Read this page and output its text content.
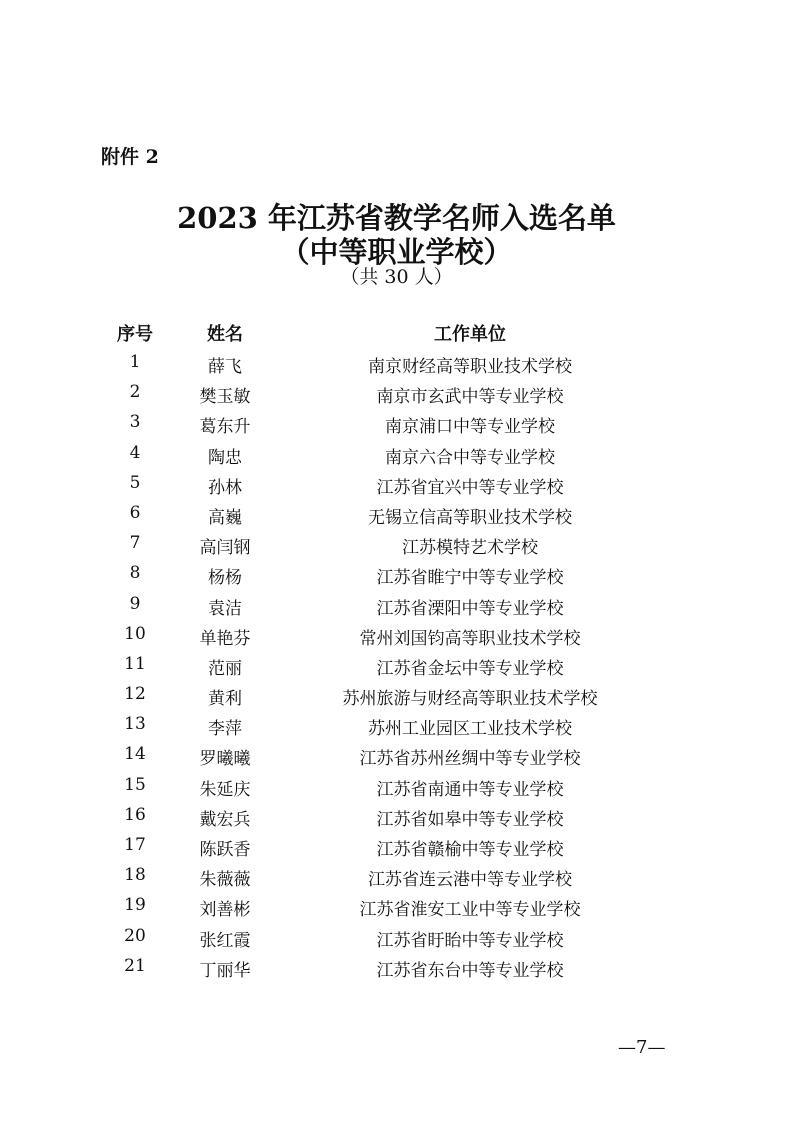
附件 2
2023 年江苏省教学名师入选名单
（中等职业学校）
（共 30 人）
序号	姓名	工作单位
1	薛飞	南京财经高等职业技术学校
2	樊玉敏	南京市玄武中等专业学校
3	葛东升	南京浦口中等专业学校
4	陶忠	南京六合中等专业学校
5	孙林	江苏省宜兴中等专业学校
6	高巍	无锡立信高等职业技术学校
7	高闫钢	江苏模特艺术学校
8	杨杨	江苏省睢宁中等专业学校
9	袁洁	江苏省溧阳中等专业学校
10	单艳芬	常州刘国钧高等职业技术学校
11	范丽	江苏省金坛中等专业学校
12	黄利	苏州旅游与财经高等职业技术学校
13	李萍	苏州工业园区工业技术学校
14	罗曦曦	江苏省苏州丝绸中等专业学校
15	朱延庆	江苏省南通中等专业学校
16	戴宏兵	江苏省如皋中等专业学校
17	陈跃香	江苏省赣榆中等专业学校
18	朱薇薇	江苏省连云港中等专业学校
19	刘善彬	江苏省淮安工业中等专业学校
20	张红霞	江苏省盱眙中等专业学校
21	丁丽华	江苏省东台中等专业学校
—7—
